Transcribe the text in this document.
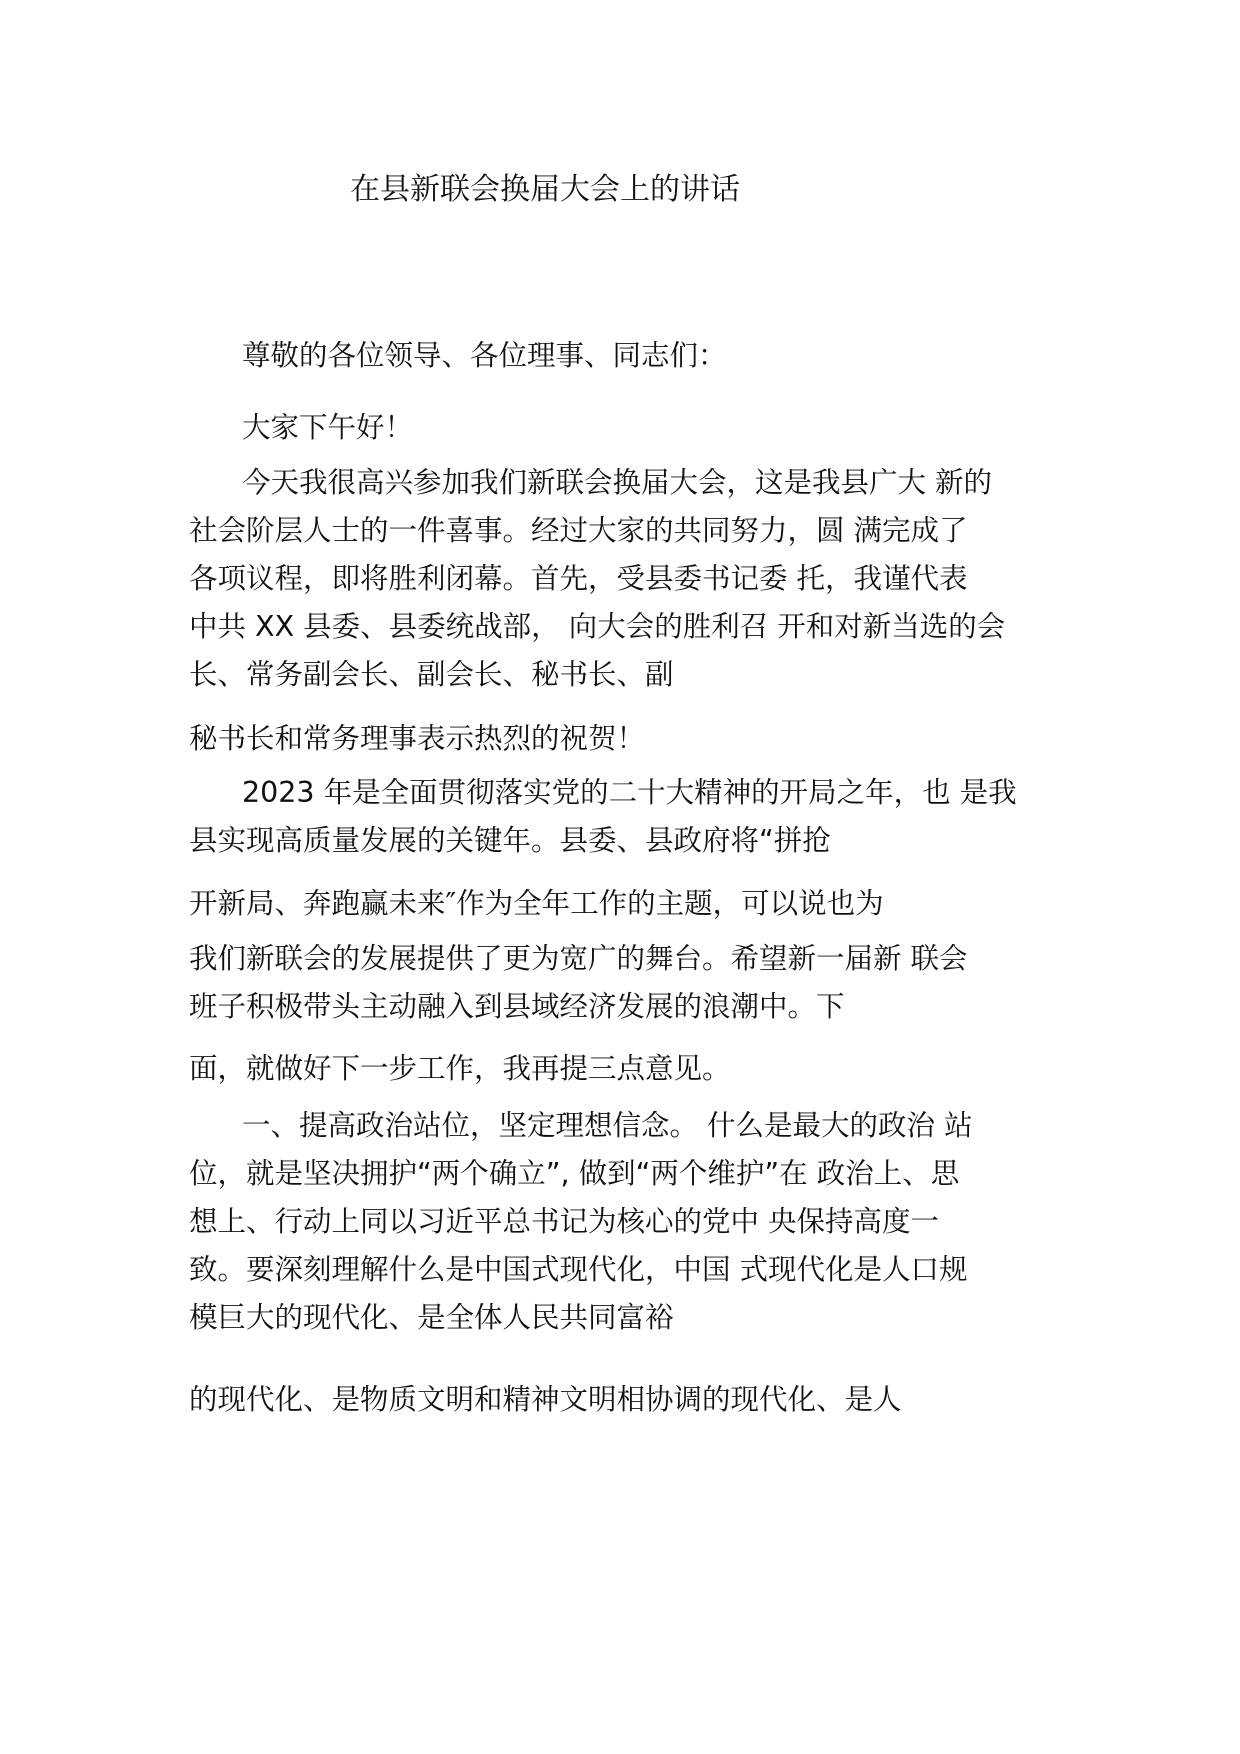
在县新联会换届大会上的讲话
尊敬的各位领导、各位理事、同志们：
大家下午好！
今天我很高兴参加我们新联会换届大会，这是我县广大 新的
社会阶层人士的一件喜事。经过大家的共同努力，圆 满完成了
各项议程，即将胜利闭幕。首先，受县委书记委 托，我谨代表
中共 XX 县委、县委统战部， 向大会的胜利召 开和对新当选的会
长、常务副会长、副会长、秘书长、副
秘书长和常务理事表示热烈的祝贺！
2023 年是全面贯彻落实党的二十大精神的开局之年，也 是我
县实现高质量发展的关键年。县委、县政府将“拼抢
开新局、奔跑赢未来″作为全年工作的主题，可以说也为
我们新联会的发展提供了更为宽广的舞台。希望新一届新 联会
班子积极带头主动融入到县域经济发展的浪潮中。下
面，就做好下一步工作，我再提三点意见。
一、提高政治站位，坚定理想信念。 什么是最大的政治 站
位，就是坚决拥护“两个确立”, 做到“两个维护”在 政治上、思
想上、行动上同以习近平总书记为核心的党中 央保持高度一
致。要深刻理解什么是中国式现代化，中国 式现代化是人口规
模巨大的现代化、是全体人民共同富裕
的现代化、是物质文明和精神文明相协调的现代化、是人
